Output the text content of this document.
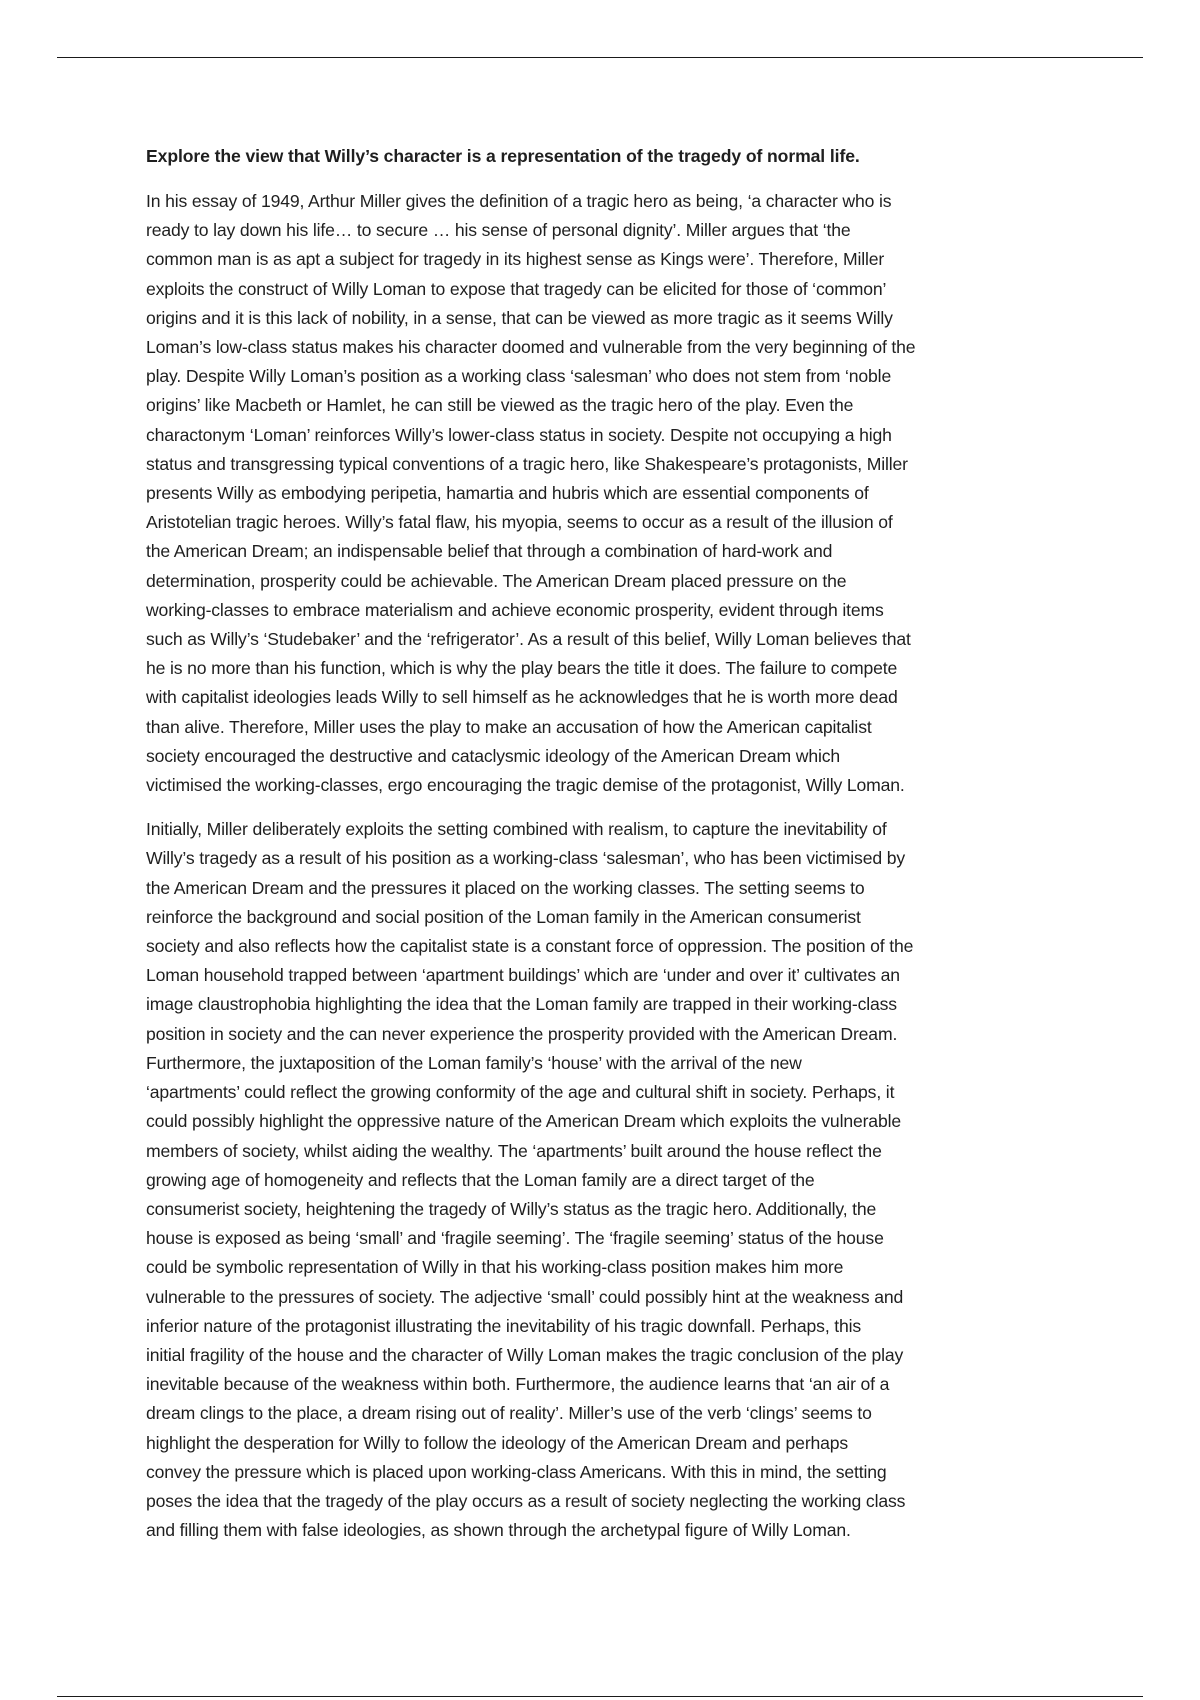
Explore the view that Willy’s character is a representation of the tragedy of normal life.
In his essay of 1949, Arthur Miller gives the definition of a tragic hero as being, ‘a character who is
ready to lay down his life… to secure … his sense of personal dignity’. Miller argues that ‘the
common man is as apt a subject for tragedy in its highest sense as Kings were’. Therefore, Miller
exploits the construct of Willy Loman to expose that tragedy can be elicited for those of ‘common’
origins and it is this lack of nobility, in a sense, that can be viewed as more tragic as it seems Willy
Loman’s low-class status makes his character doomed and vulnerable from the very beginning of the
play. Despite Willy Loman’s position as a working class ‘salesman’ who does not stem from ‘noble
origins’ like Macbeth or Hamlet, he can still be viewed as the tragic hero of the play. Even the
charactonym ‘Loman’ reinforces Willy’s lower-class status in society. Despite not occupying a high
status and transgressing typical conventions of a tragic hero, like Shakespeare’s protagonists, Miller
presents Willy as embodying peripetia, hamartia and hubris which are essential components of
Aristotelian tragic heroes. Willy’s fatal flaw, his myopia, seems to occur as a result of the illusion of
the American Dream; an indispensable belief that through a combination of hard-work and
determination, prosperity could be achievable. The American Dream placed pressure on the
working-classes to embrace materialism and achieve economic prosperity, evident through items
such as Willy’s ‘Studebaker’ and the ‘refrigerator’. As a result of this belief, Willy Loman believes that
he is no more than his function, which is why the play bears the title it does. The failure to compete
with capitalist ideologies leads Willy to sell himself as he acknowledges that he is worth more dead
than alive. Therefore, Miller uses the play to make an accusation of how the American capitalist
society encouraged the destructive and cataclysmic ideology of the American Dream which
victimised the working-classes, ergo encouraging the tragic demise of the protagonist, Willy Loman.
Initially, Miller deliberately exploits the setting combined with realism, to capture the inevitability of
Willy’s tragedy as a result of his position as a working-class ‘salesman’, who has been victimised by
the American Dream and the pressures it placed on the working classes. The setting seems to
reinforce the background and social position of the Loman family in the American consumerist
society and also reflects how the capitalist state is a constant force of oppression. The position of the
Loman household trapped between ‘apartment buildings’ which are ‘under and over it’ cultivates an
image claustrophobia highlighting the idea that the Loman family are trapped in their working-class
position in society and the can never experience the prosperity provided with the American Dream.
Furthermore, the juxtaposition of the Loman family’s ‘house’ with the arrival of the new
‘apartments’ could reflect the growing conformity of the age and cultural shift in society. Perhaps, it
could possibly highlight the oppressive nature of the American Dream which exploits the vulnerable
members of society, whilst aiding the wealthy. The ‘apartments’ built around the house reflect the
growing age of homogeneity and reflects that the Loman family are a direct target of the
consumerist society, heightening the tragedy of Willy’s status as the tragic hero. Additionally, the
house is exposed as being ‘small’ and ‘fragile seeming’. The ‘fragile seeming’ status of the house
could be symbolic representation of Willy in that his working-class position makes him more
vulnerable to the pressures of society. The adjective ‘small’ could possibly hint at the weakness and
inferior nature of the protagonist illustrating the inevitability of his tragic downfall. Perhaps, this
initial fragility of the house and the character of Willy Loman makes the tragic conclusion of the play
inevitable because of the weakness within both. Furthermore, the audience learns that ‘an air of a
dream clings to the place, a dream rising out of reality’. Miller’s use of the verb ‘clings’ seems to
highlight the desperation for Willy to follow the ideology of the American Dream and perhaps
convey the pressure which is placed upon working-class Americans. With this in mind, the setting
poses the idea that the tragedy of the play occurs as a result of society neglecting the working class
and filling them with false ideologies, as shown through the archetypal figure of Willy Loman.
